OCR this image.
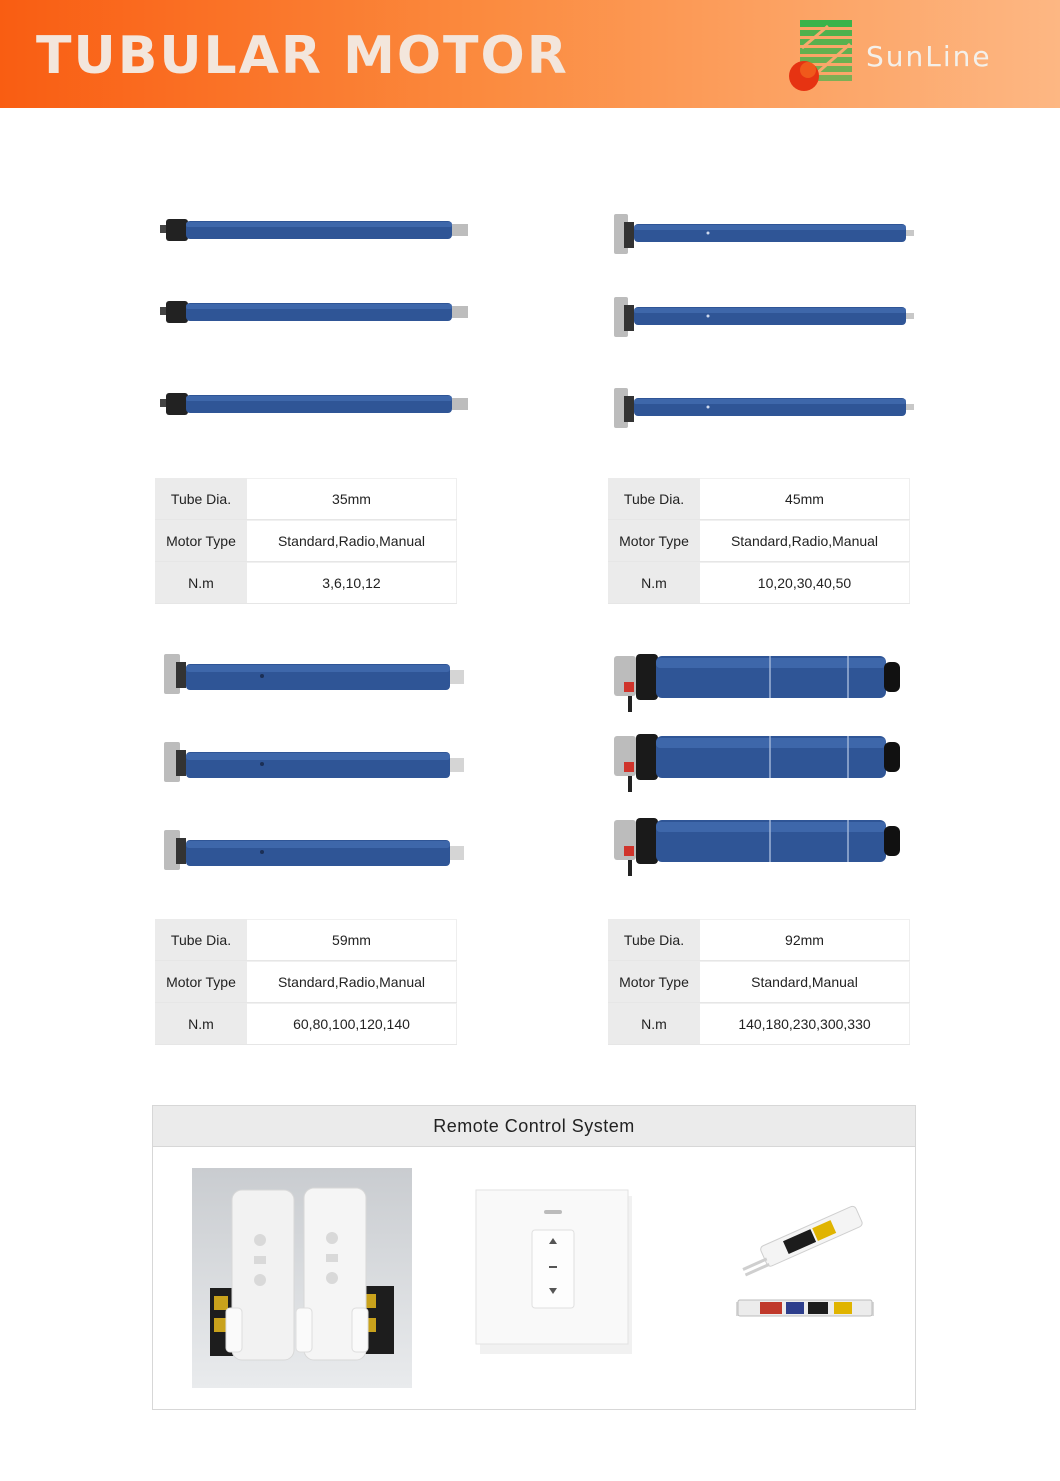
TUBULAR MOTOR	SunLine
Tube Dia.	35mm
Motor Type	Standard,Radio,Manual
N.m	3,6,10,12
Tube Dia.	45mm
Motor Type	Standard,Radio,Manual
N.m	10,20,30,40,50
Tube Dia.	59mm
Motor Type	Standard,Radio,Manual
N.m	60,80,100,120,140
Tube Dia.	92mm
Motor Type	Standard,Manual
N.m	140,180,230,300,330
Remote Control System
